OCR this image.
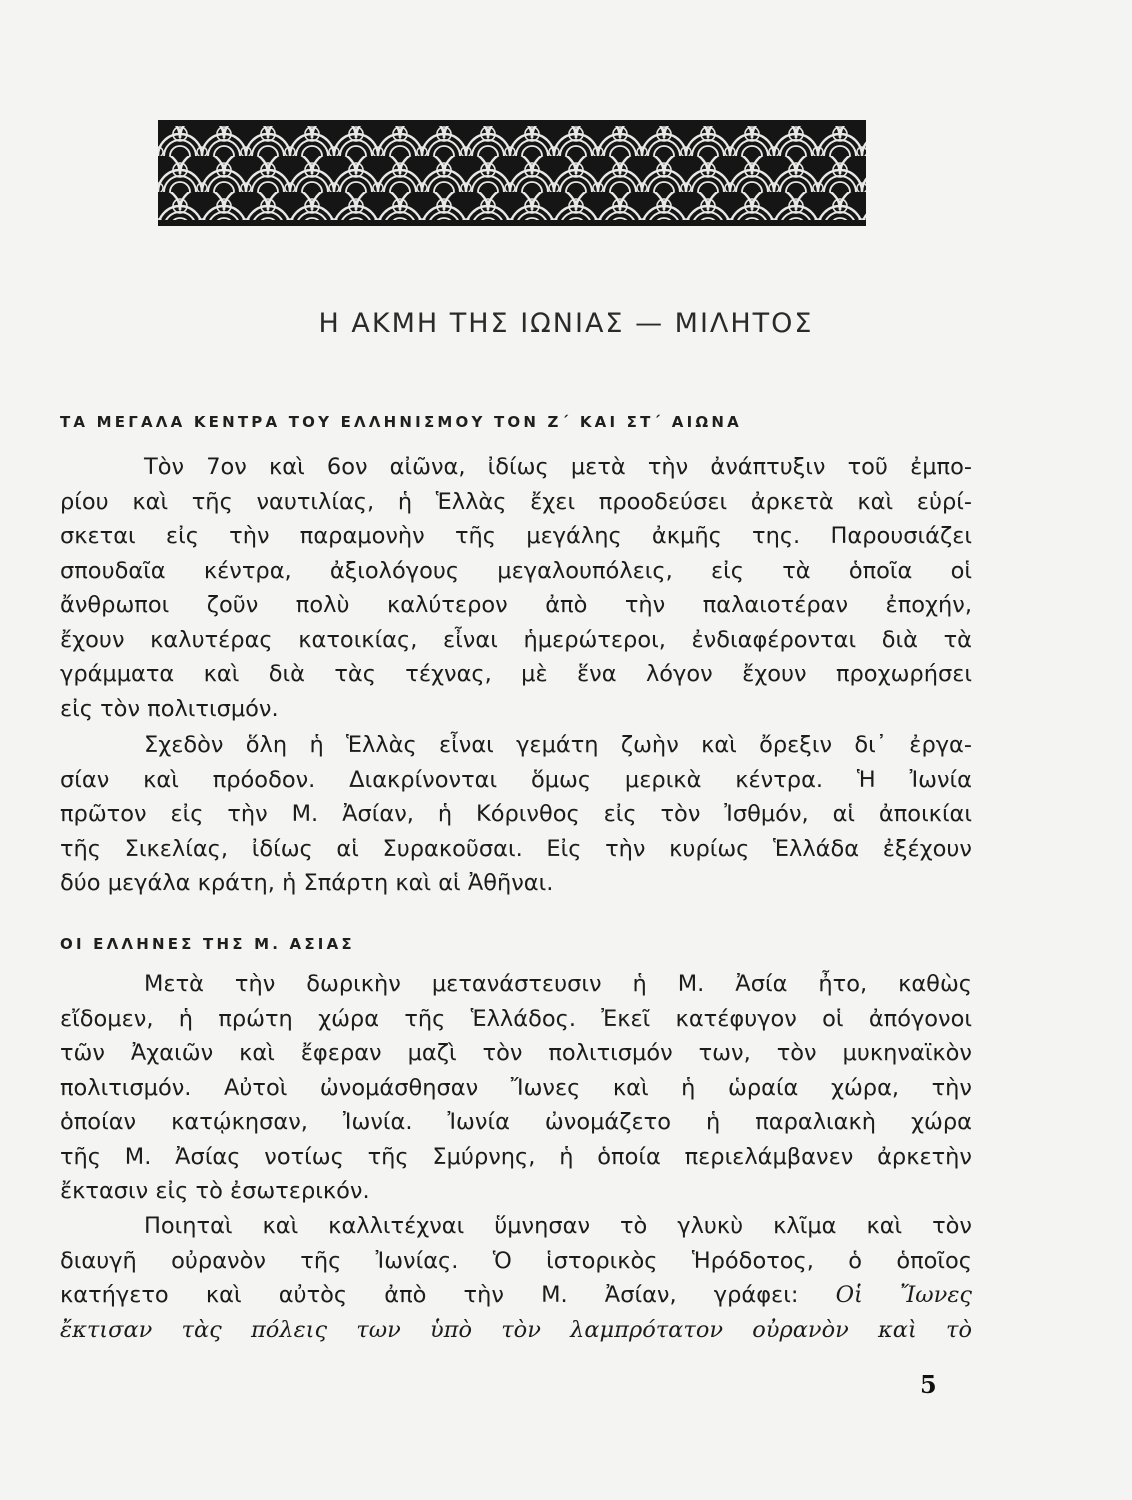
Η ΑΚΜΗ ΤΗΣ ΙΩΝΙΑΣ — ΜΙΛΗΤΟΣ
ΤΑ ΜΕΓΑΛΑ ΚΕΝΤΡΑ ΤΟΥ ΕΛΛΗΝΙΣΜΟΥ ΤΟΝ Ζ΄ ΚΑΙ ΣΤ΄ ΑΙΩΝΑ
Τὸν 7ον καὶ 6ον αἰῶνα, ἰδίως μετὰ τὴν ἀνάπτυξιν τοῦ ἐμπο-
ρίου καὶ τῆς ναυτιλίας, ἡ Ἑλλὰς ἔχει προοδεύσει ἀρκετὰ καὶ εὑρί-
σκεται εἰς τὴν παραμονὴν τῆς μεγάλης ἀκμῆς της. Παρουσιάζει
σπουδαῖα κέντρα, ἀξιολόγους μεγαλουπόλεις, εἰς τὰ ὁποῖα οἱ
ἄνθρωποι ζοῦν πολὺ καλύτερον ἀπὸ τὴν παλαιοτέραν ἐποχήν,
ἔχουν καλυτέρας κατοικίας, εἶναι ἡμερώτεροι, ἐνδιαφέρονται διὰ τὰ
γράμματα καὶ διὰ τὰς τέχνας, μὲ ἕνα λόγον ἔχουν προχωρήσει
εἰς τὸν πολιτισμόν.
Σχεδὸν ὅλη ἡ Ἑλλὰς εἶναι γεμάτη ζωὴν καὶ ὄρεξιν δι᾽ ἐργα-
σίαν καὶ πρόοδον. Διακρίνονται ὅμως μερικὰ κέντρα. Ἡ Ἰωνία
πρῶτον εἰς τὴν Μ. Ἀσίαν, ἡ Κόρινθος εἰς τὸν Ἰσθμόν, αἱ ἀποικίαι
τῆς Σικελίας, ἰδίως αἱ Συρακοῦσαι. Εἰς τὴν κυρίως Ἑλλάδα ἐξέχουν
δύο μεγάλα κράτη, ἡ Σπάρτη καὶ αἱ Ἀθῆναι.
ΟΙ ΕΛΛΗΝΕΣ ΤΗΣ Μ. ΑΣΙΑΣ
Μετὰ τὴν δωρικὴν μετανάστευσιν ἡ Μ. Ἀσία ἦτο, καθὼς
εἴδομεν, ἡ πρώτη χώρα τῆς Ἑλλάδος. Ἐκεῖ κατέφυγον οἱ ἀπόγονοι
τῶν Ἀχαιῶν καὶ ἔφεραν μαζὶ τὸν πολιτισμόν των, τὸν μυκηναϊκὸν
πολιτισμόν. Αὐτοὶ ὠνομάσθησαν Ἴωνες καὶ ἡ ὡραία χώρα, τὴν
ὁποίαν κατῴκησαν, Ἰωνία. Ἰωνία ὠνομάζετο ἡ παραλιακὴ χώρα
τῆς Μ. Ἀσίας νοτίως τῆς Σμύρνης, ἡ ὁποία περιελάμβανεν ἀρκετὴν
ἔκτασιν εἰς τὸ ἐσωτερικόν.
Ποιηταὶ καὶ καλλιτέχναι ὕμνησαν τὸ γλυκὺ κλῖμα καὶ τὸν
διαυγῆ οὐρανὸν τῆς Ἰωνίας. Ὁ ἱστορικὸς Ἡρόδοτος, ὁ ὁποῖος
κατήγετο καὶ αὐτὸς ἀπὸ τὴν Μ. Ἀσίαν, γράφει: Οἱ Ἴωνες
ἔκτισαν τὰς πόλεις των ὑπὸ τὸν λαμπρότατον οὐρανὸν καὶ τὸ
5
